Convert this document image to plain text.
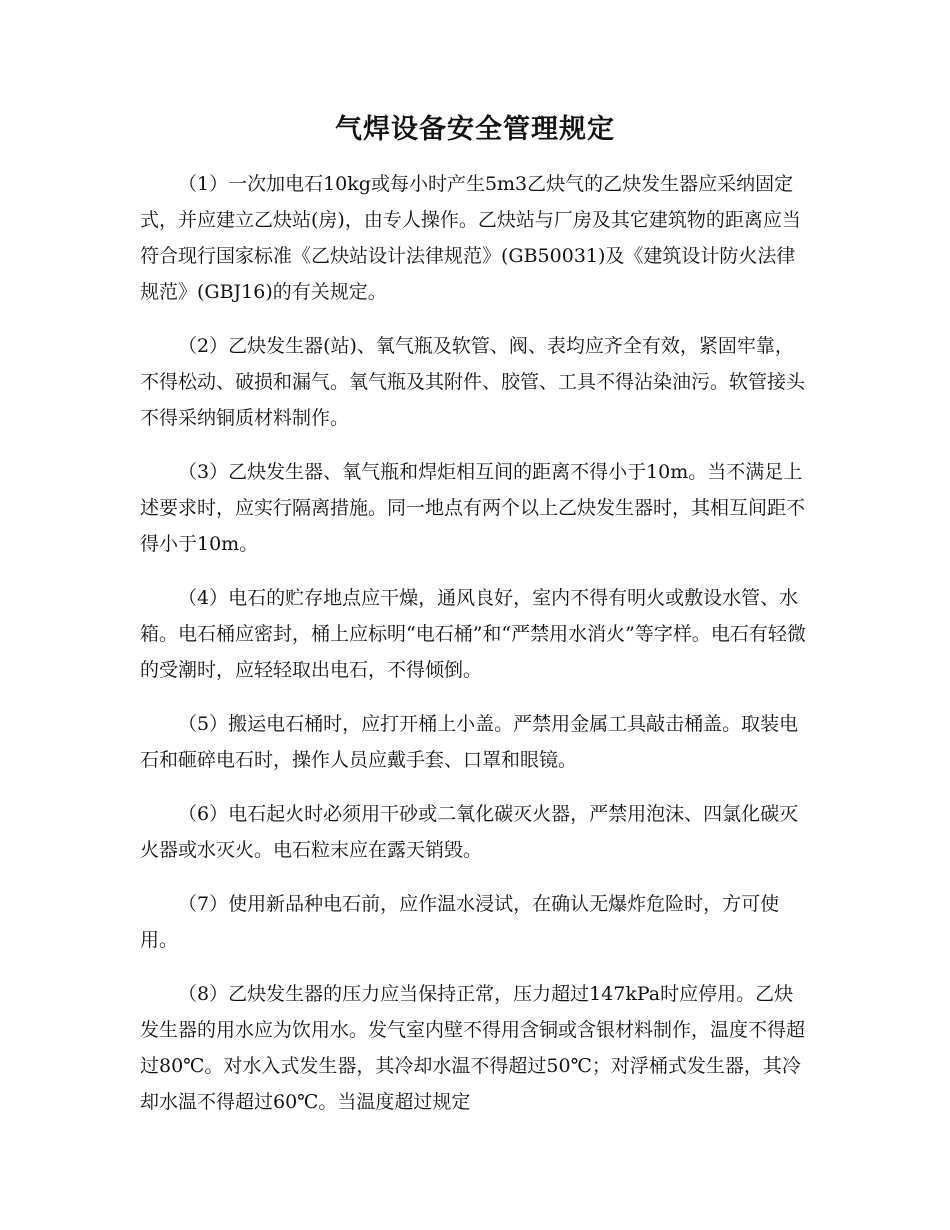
气焊设备安全管理规定

（1）一次加电石10kg或每小时产生5m3乙炔气的乙炔发生器应采纳固定式，并应建立乙炔站(房)，由专人操作。乙炔站与厂房及其它建筑物的距离应当符合现行国家标准《乙炔站设计法律规范》(GB50031)及《建筑设计防火法律规范》(GBJ16)的有关规定。

（2）乙炔发生器(站)、氧气瓶及软管、阀、表均应齐全有效，紧固牢靠，不得松动、破损和漏气。氧气瓶及其附件、胶管、工具不得沾染油污。软管接头不得采纳铜质材料制作。

（3）乙炔发生器、氧气瓶和焊炬相互间的距离不得小于10m。当不满足上述要求时，应实行隔离措施。同一地点有两个以上乙炔发生器时，其相互间距不得小于10m。

（4）电石的贮存地点应干燥，通风良好，室内不得有明火或敷设水管、水箱。电石桶应密封，桶上应标明“电石桶”和“严禁用水消火”等字样。电石有轻微的受潮时，应轻轻取出电石，不得倾倒。

（5）搬运电石桶时，应打开桶上小盖。严禁用金属工具敲击桶盖。取装电石和砸碎电石时，操作人员应戴手套、口罩和眼镜。

（6）电石起火时必须用干砂或二氧化碳灭火器，严禁用泡沫、四氯化碳灭火器或水灭火。电石粒末应在露天销毁。

（7）使用新品种电石前，应作温水浸试，在确认无爆炸危险时，方可使用。

（8）乙炔发生器的压力应当保持正常，压力超过147kPa时应停用。乙炔发生器的用水应为饮用水。发气室内壁不得用含铜或含银材料制作，温度不得超过80℃。对水入式发生器，其冷却水温不得超过50℃；对浮桶式发生器，其冷却水温不得超过60℃。当温度超过规定
